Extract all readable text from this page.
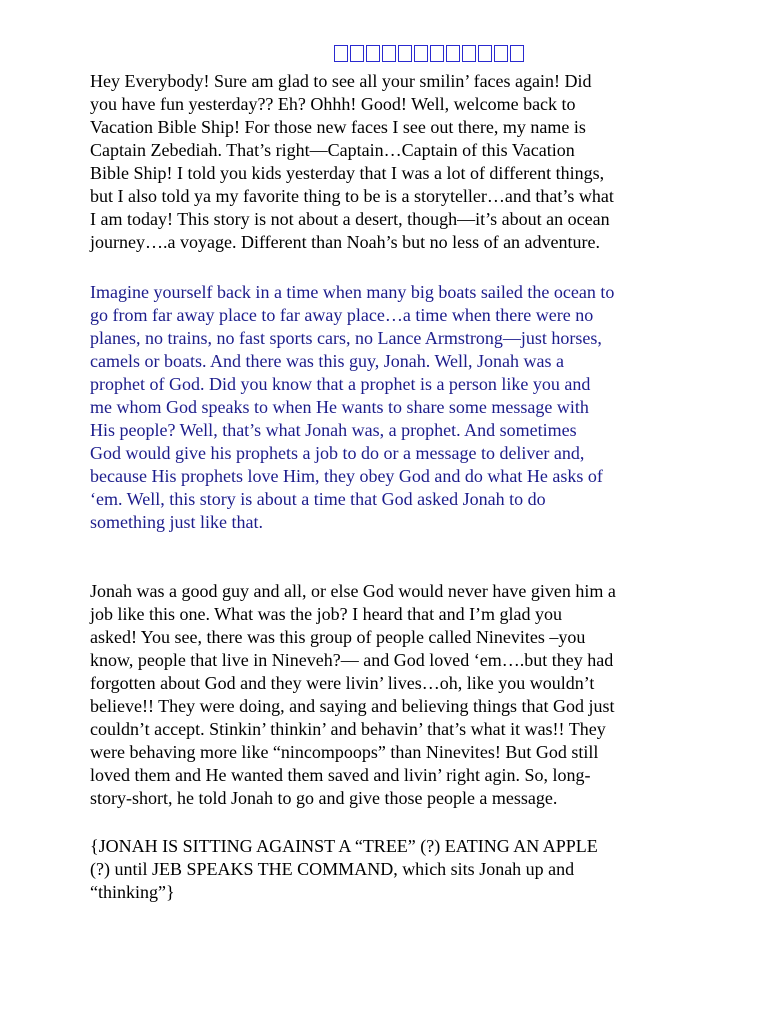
Hey Everybody! Sure am glad to see all your smilin’ faces again! Did
you have fun yesterday?? Eh? Ohhh! Good! Well, welcome back to
Vacation Bible Ship! For those new faces I see out there, my name is
Captain Zebediah. That’s right—Captain…Captain of this Vacation
Bible Ship! I told you kids yesterday that I was a lot of different things,
but I also told ya my favorite thing to be is a storyteller…and that’s what
I am today! This story is not about a desert, though—it’s about an ocean
journey….a voyage. Different than Noah’s but no less of an adventure.
Imagine yourself back in a time when many big boats sailed the ocean to
go from far away place to far away place…a time when there were no
planes, no trains, no fast sports cars, no Lance Armstrong—just horses,
camels or boats. And there was this guy, Jonah. Well, Jonah was a
prophet of God. Did you know that a prophet is a person like you and
me whom God speaks to when He wants to share some message with
His people? Well, that’s what Jonah was, a prophet. And sometimes
God would give his prophets a job to do or a message to deliver and,
because His prophets love Him, they obey God and do what He asks of
‘em. Well, this story is about a time that God asked Jonah to do
something just like that.
Jonah was a good guy and all, or else God would never have given him a
job like this one. What was the job? I heard that and I’m glad you
asked! You see, there was this group of people called Ninevites –you
know, people that live in Nineveh?— and God loved ‘em….but they had
forgotten about God and they were livin’ lives…oh, like you wouldn’t
believe!! They were doing, and saying and believing things that God just
couldn’t accept. Stinkin’ thinkin’ and behavin’ that’s what it was!! They
were behaving more like “nincompoops” than Ninevites! But God still
loved them and He wanted them saved and livin’ right agin. So, long-
story-short, he told Jonah to go and give those people a message.
{JONAH IS SITTING AGAINST A “TREE” (?) EATING AN APPLE
(?) until JEB SPEAKS THE COMMAND, which sits Jonah up and
“thinking”}
